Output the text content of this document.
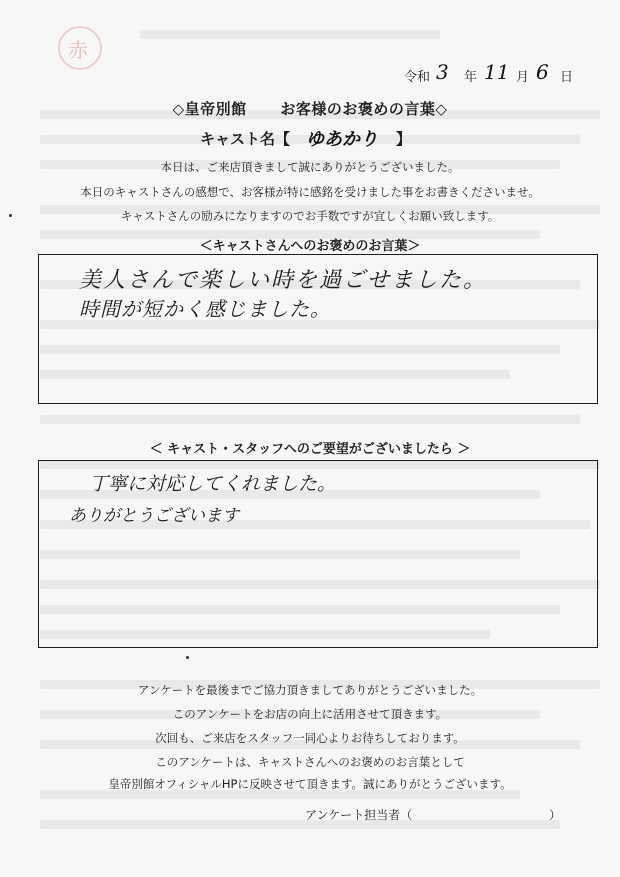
赤
令和 3 年 11 月 6 日
◇皇帝別館 お客様のお褒めの言葉◇
キャスト名【 ゆあかり 】
本日は、ご来店頂きまして誠にありがとうございました。
本日のキャストさんの感想で、お客様が特に感銘を受けました事をお書きくださいませ。
キャストさんの励みになりますのでお手数ですが宜しくお願い致します。
＜キャストさんへのお褒めのお言葉＞
美人さんで楽しい時を過ごせました。
時間が短かく感じました。
＜ キャスト・スタッフへのご要望がございましたら ＞
丁寧に対応してくれました。
ありがとうございます
アンケートを最後までご協力頂きましてありがとうございました。
このアンケートをお店の向上に活用させて頂きます。
次回も、ご来店をスタッフ一同心よりお待ちしております。
このアンケートは、キャストさんへのお褒めのお言葉として
皇帝別館オフィシャルHPに反映させて頂きます。誠にありがとうございます。
アンケート担当者（	）
